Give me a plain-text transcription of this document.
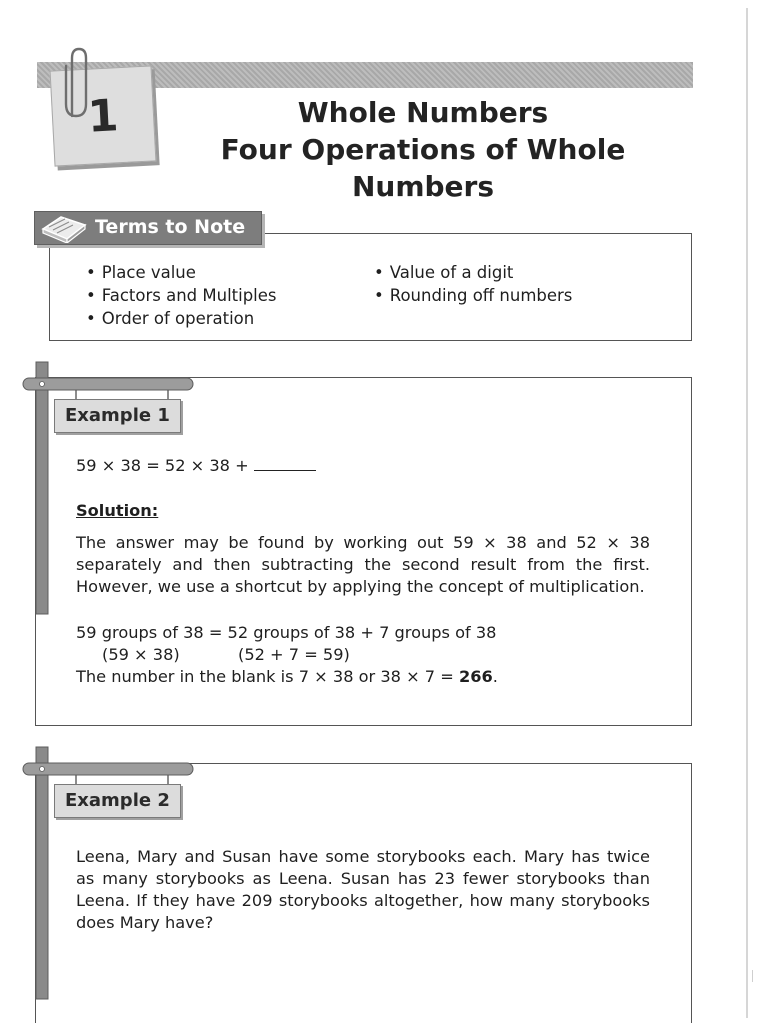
1	Whole Numbers
Four Operations of Whole
Numbers
Terms to Note
• Place value
• Factors and Multiples
• Order of operation
• Value of a digit
• Rounding off numbers
Example 1
59 × 38 = 52 × 38 +
Solution:
The answer may be found by working out 59 × 38 and 52 × 38 separately and then subtracting the second result from the first. However, we use a shortcut by applying the concept of multiplication.
59 groups of 38 = 52 groups of 38 + 7 groups of 38
(59 × 38)	(52 + 7 = 59)
The number in the blank is 7 × 38 or 38 × 7 = 266.
Example 2
Leena, Mary and Susan have some storybooks each. Mary has twice as many storybooks as Leena. Susan has 23 fewer storybooks than Leena. If they have 209 storybooks altogether, how many storybooks does Mary have?
